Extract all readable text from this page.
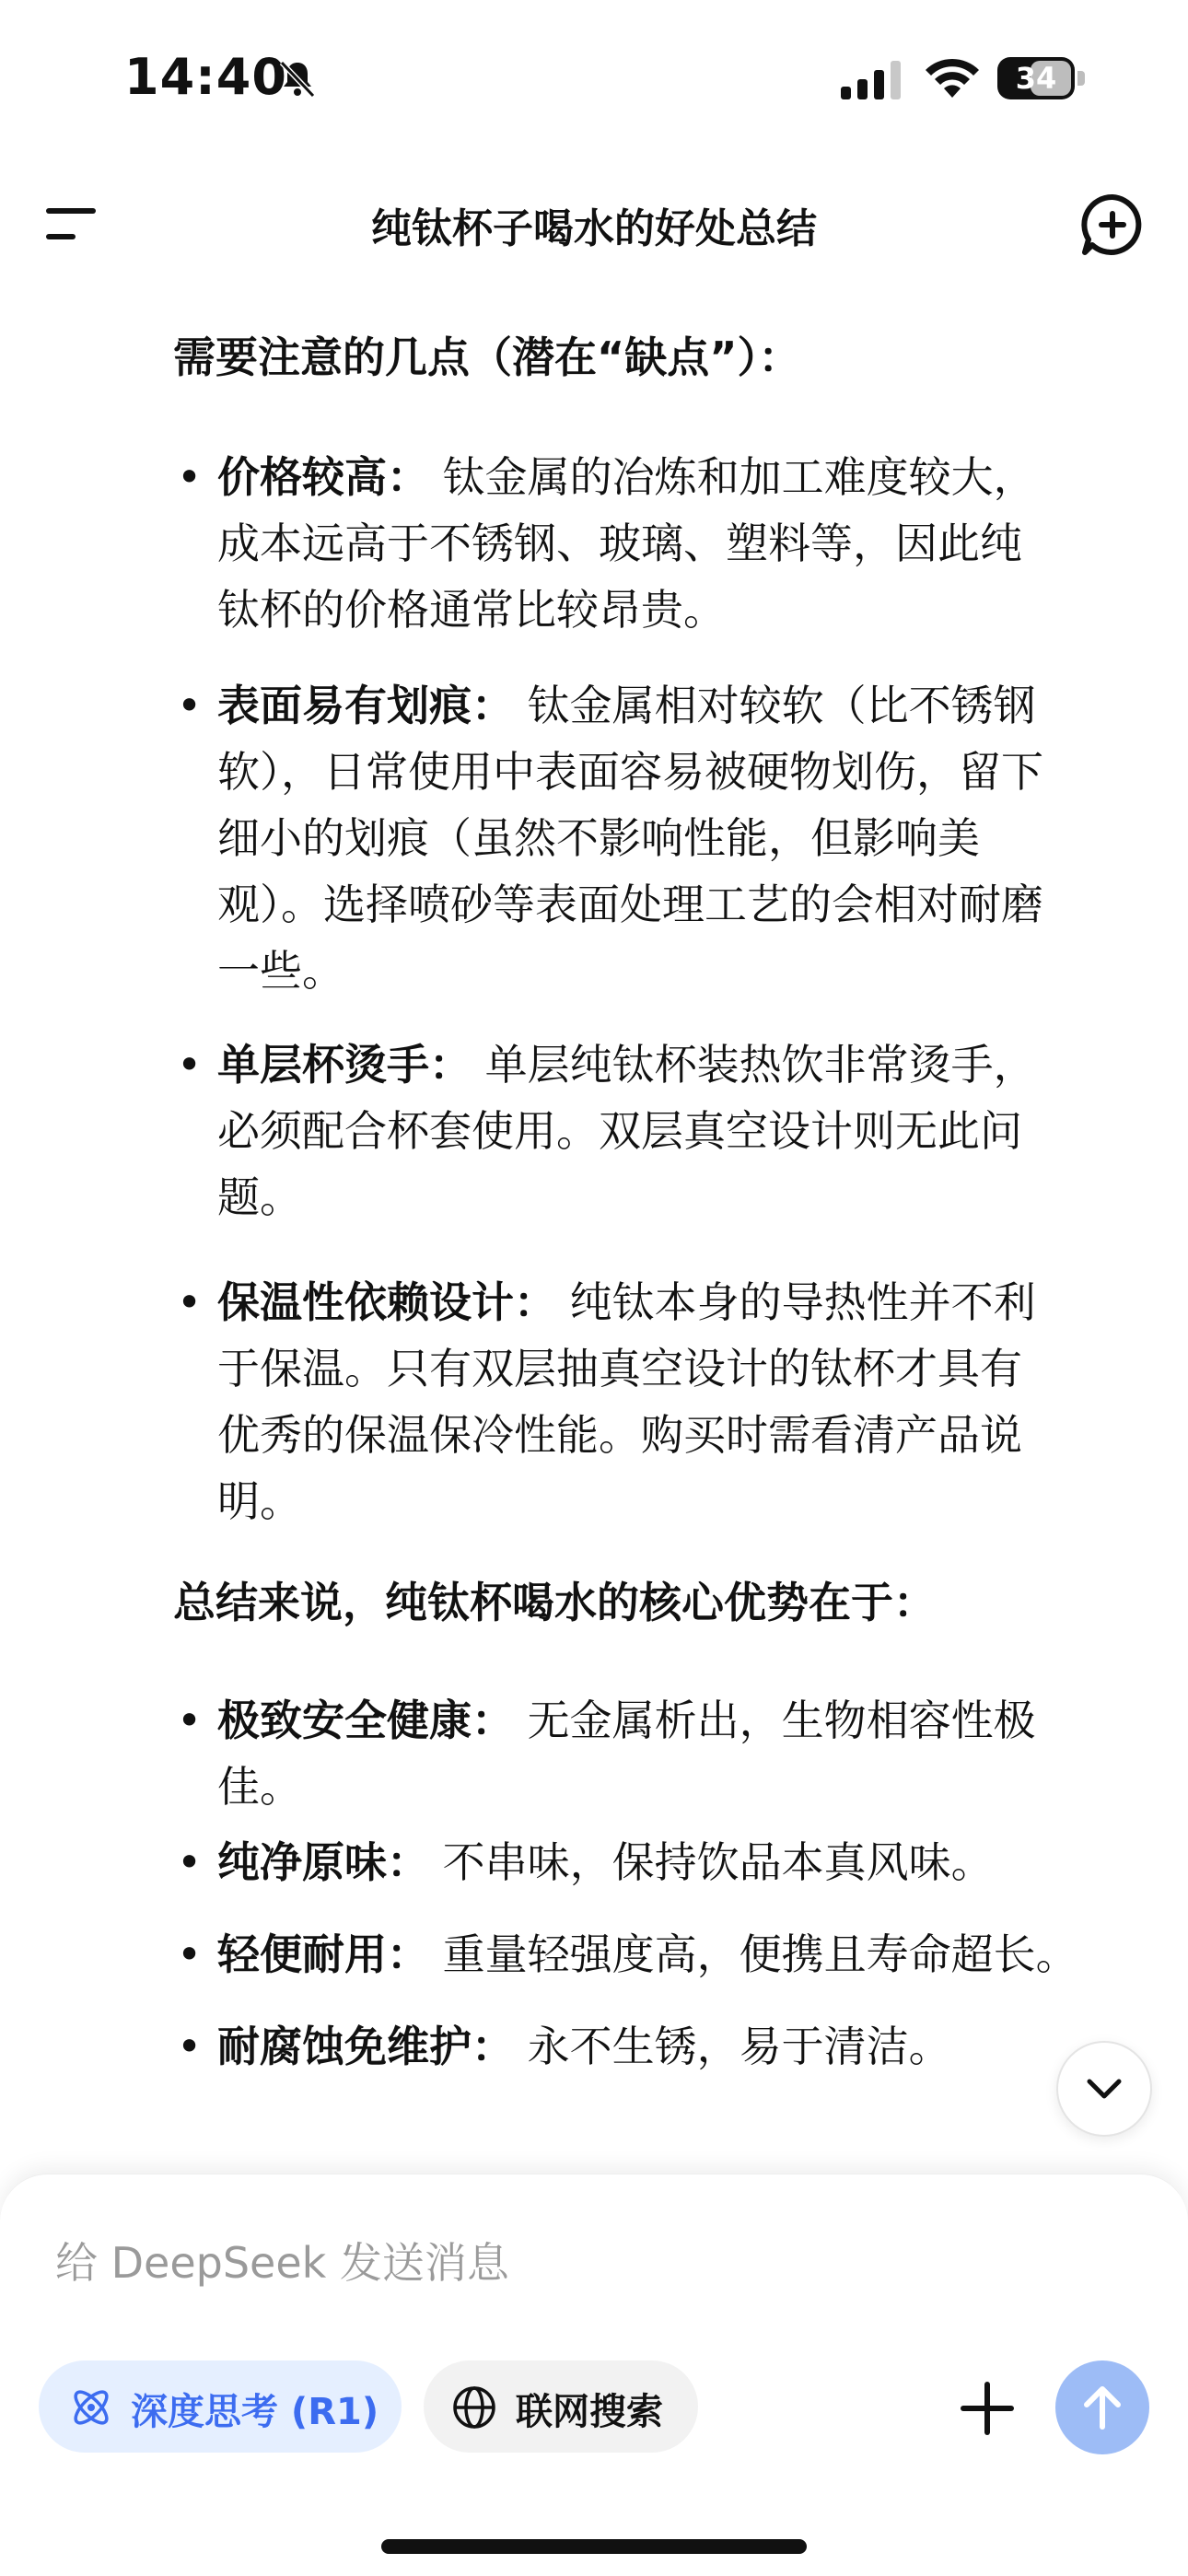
14:40	34
纯钛杯子喝水的好处总结
需要注意的几点（潜在“缺点”）：
• 价格较高： 钛金属的冶炼和加工难度较大，
成本远高于不锈钢、玻璃、塑料等，因此纯
钛杯的价格通常比较昂贵。
• 表面易有划痕： 钛金属相对较软（比不锈钢
软），日常使用中表面容易被硬物划伤，留下
细小的划痕（虽然不影响性能，但影响美
观）。选择喷砂等表面处理工艺的会相对耐磨
一些。
• 单层杯烫手： 单层纯钛杯装热饮非常烫手，
必须配合杯套使用。双层真空设计则无此问
题。
• 保温性依赖设计： 纯钛本身的导热性并不利
于保温。只有双层抽真空设计的钛杯才具有
优秀的保温保冷性能。购买时需看清产品说
明。
总结来说，纯钛杯喝水的核心优势在于：
• 极致安全健康： 无金属析出，生物相容性极
佳。
• 纯净原味： 不串味，保持饮品本真风味。
• 轻便耐用： 重量轻强度高，便携且寿命超长。
• 耐腐蚀免维护： 永不生锈，易于清洁。
给 DeepSeek 发送消息
深度思考 (R1)	联网搜索
